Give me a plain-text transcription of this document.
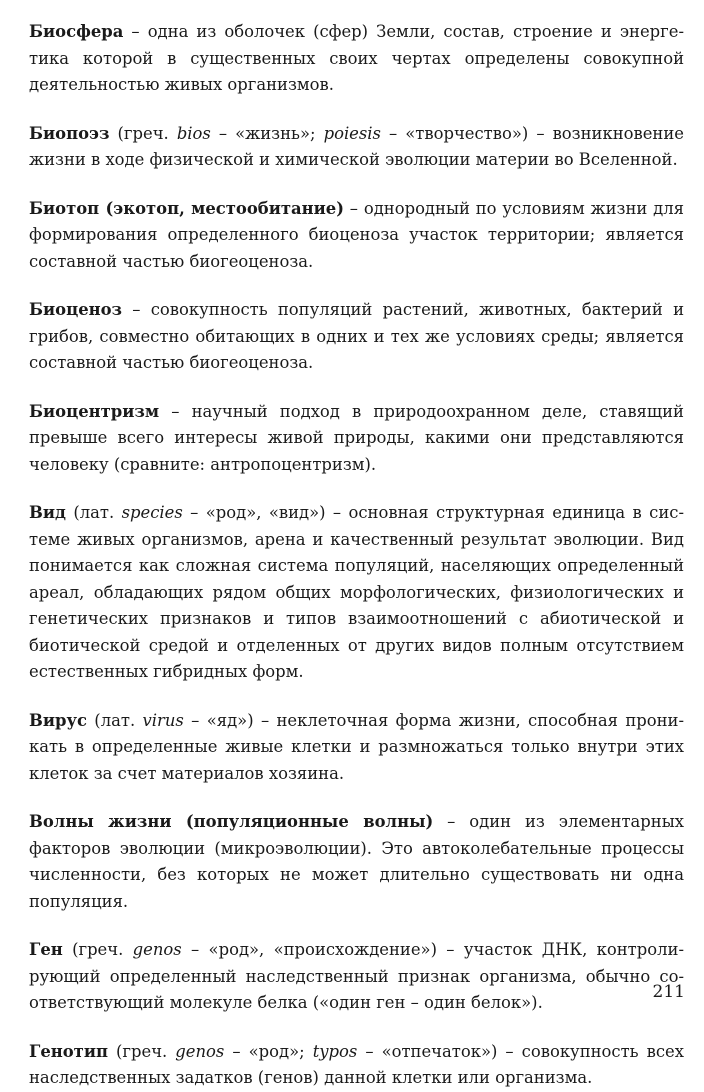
Биосфера – одна из оболочек (сфер) Земли, состав, строение и энергетика которой в существенных своих чертах определены совокупной деятельностью живых организмов.

Биопоэз (греч. bios – «жизнь»; poiesis – «творчество») – возникновение жизни в ходе физической и химической эволюции материи во Вселенной.

Биотоп (экотоп, местообитание) – однородный по условиям жизни для формирования определенного биоценоза участок территории; является составной частью биогеоценоза.

Биоценоз – совокупность популяций растений, животных, бактерий и грибов, совместно обитающих в одних и тех же условиях среды; является составной частью биогеоценоза.

Биоцентризм – научный подход в природоохранном деле, ставящий превыше всего интересы живой природы, какими они представляются человеку (сравните: антропоцентризм).

Вид (лат. species – «род», «вид») – основная структурная единица в системе живых организмов, арена и качественный результат эволюции. Вид понимается как сложная система популяций, населяющих определенный ареал, обладающих рядом общих морфологических, физиологических и генетических признаков и типов взаимоотношений с абиотической и биотической средой и отделенных от других видов полным отсутствием естественных гибридных форм.

Вирус (лат. virus – «яд») – неклеточная форма жизни, способная проникать в определенные живые клетки и размножаться только внутри этих клеток за счет материалов хозяина.

Волны жизни (популяционные волны) – один из элементарных факторов эволюции (микроэволюции). Это автоколебательные процессы численности, без которых не может длительно существовать ни одна популяция.

Ген (греч. genos – «род», «происхождение») – участок ДНК, контролирующий определенный наследственный признак организма, обычно соответствующий молекуле белка («один ген – один белок»).

Генотип (греч. genos – «род»; typos – «отпечаток») – совокупность всех наследственных задатков (генов) данной клетки или организма.

211
